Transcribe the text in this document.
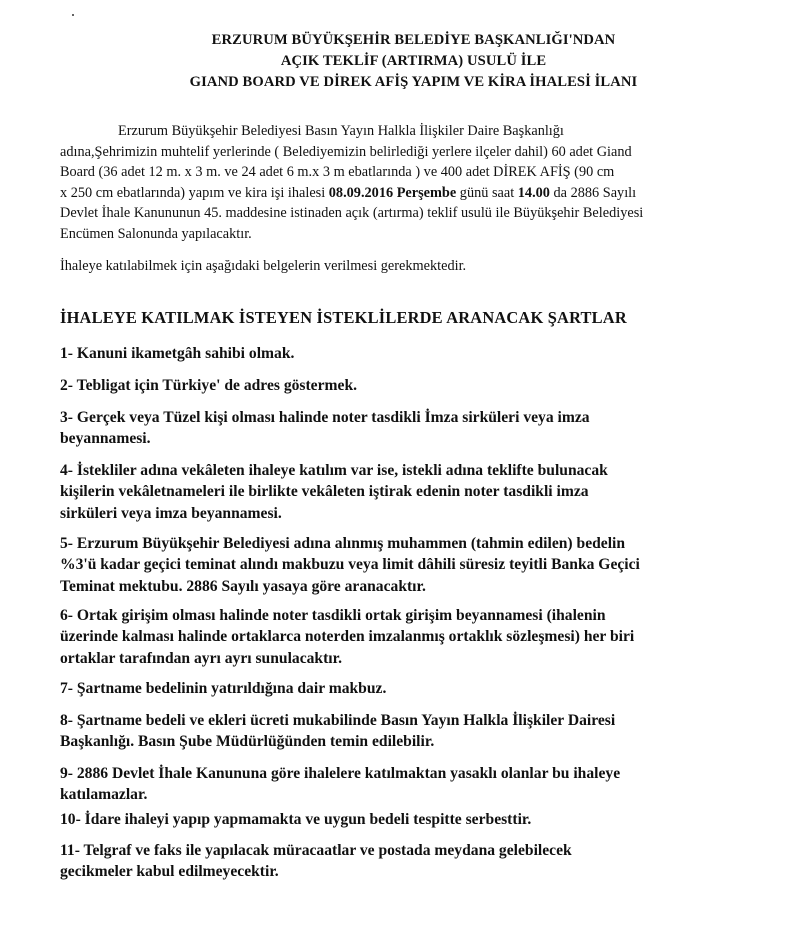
ERZURUM BÜYÜKŞEHİR BELEDİYE BAŞKANLIĞI'NDAN
AÇIK TEKLİF (ARTIRMA) USULÜ İLE
GIAND BOARD VE DİREK AFİŞ YAPIM VE KİRA İHALESİ İLANI
Erzurum Büyükşehir Belediyesi Basın Yayın Halkla İlişkiler Daire Başkanlığı
adına,Şehrimizin muhtelif yerlerinde ( Belediyemizin belirlediği yerlere ilçeler dahil) 60 adet Giand
Board (36 adet 12 m. x 3 m. ve 24 adet 6 m.x 3 m ebatlarında ) ve 400 adet DİREK AFİŞ (90 cm
x 250 cm ebatlarında) yapım ve kira işi ihalesi 08.09.2016 Perşembe günü saat 14.00 da 2886 Sayılı
Devlet İhale Kanununun 45. maddesine istinaden açık (artırma) teklif usulü ile Büyükşehir Belediyesi
Encümen Salonunda yapılacaktır.
İhaleye katılabilmek için aşağıdaki belgelerin verilmesi gerekmektedir.
İHALEYE KATILMAK İSTEYEN İSTEKLİLERDE ARANACAK ŞARTLAR
1- Kanuni ikametgâh sahibi olmak.
2- Tebligat için Türkiye' de adres göstermek.
3- Gerçek veya Tüzel kişi olması halinde noter tasdikli İmza sirküleri veya imza
beyannamesi.
4- İstekliler adına vekâleten ihaleye katılım var ise, istekli adına teklifte bulunacak
kişilerin vekâletnameleri ile birlikte vekâleten iştirak edenin noter tasdikli imza
sirküleri veya imza beyannamesi.
5- Erzurum Büyükşehir Belediyesi adına alınmış muhammen (tahmin edilen) bedelin
%3'ü kadar geçici teminat alındı makbuzu veya limit dâhili süresiz teyitli Banka Geçici
Teminat mektubu. 2886 Sayılı yasaya göre aranacaktır.
6- Ortak girişim olması halinde noter tasdikli ortak girişim beyannamesi (ihalenin
üzerinde kalması halinde ortaklarca noterden imzalanmış ortaklık sözleşmesi) her biri
ortaklar tarafından ayrı ayrı sunulacaktır.
7- Şartname bedelinin yatırıldığına dair makbuz.
8- Şartname bedeli ve ekleri ücreti mukabilinde Basın Yayın Halkla İlişkiler Dairesi
Başkanlığı. Basın Şube Müdürlüğünden temin edilebilir.
9- 2886 Devlet İhale Kanununa göre ihalelere katılmaktan yasaklı olanlar bu ihaleye
katılamazlar.
10- İdare ihaleyi yapıp yapmamakta ve uygun bedeli tespitte serbesttir.
11- Telgraf ve faks ile yapılacak müracaatlar ve postada meydana gelebilecek
gecikmeler kabul edilmeyecektir.
